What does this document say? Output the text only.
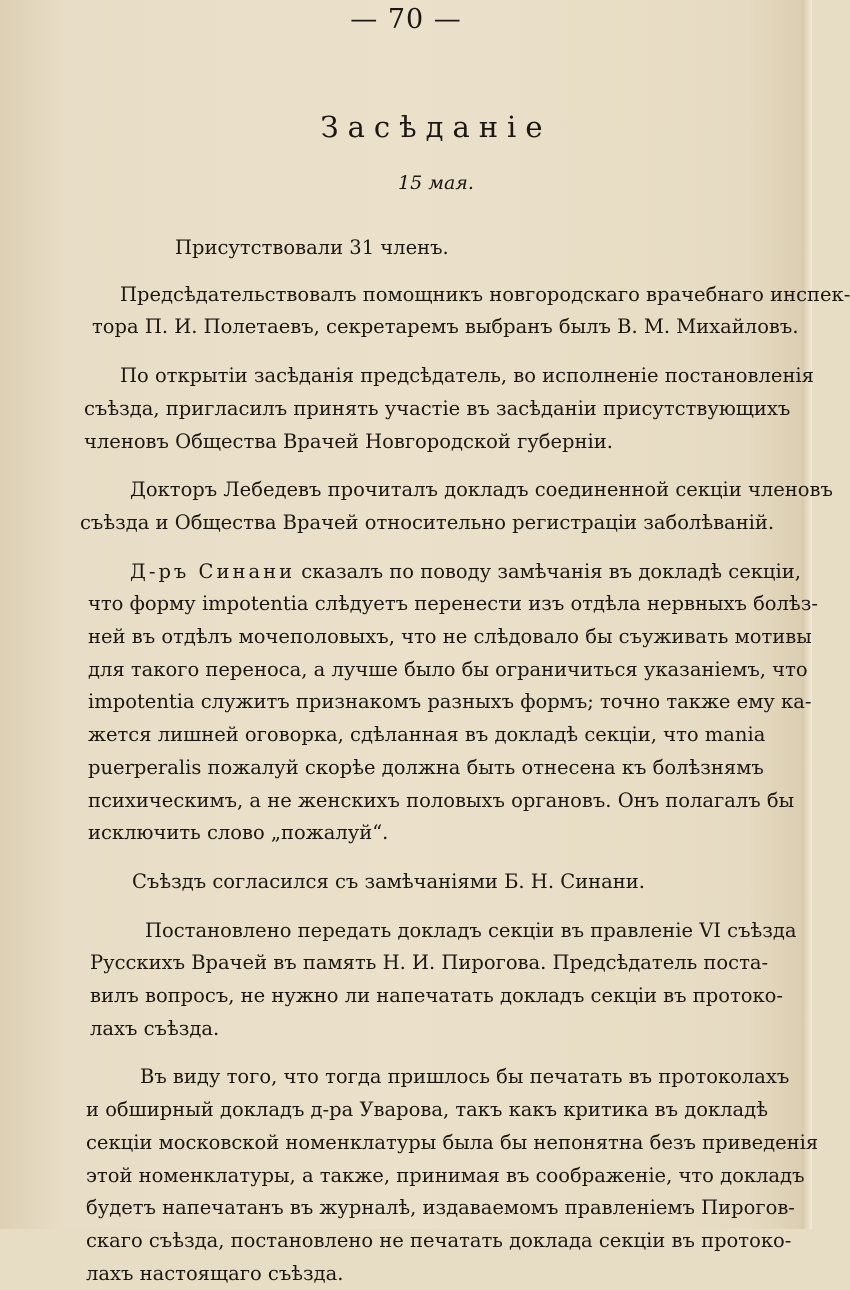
— 70 —
Засѣданіе
15 мая.

Присутствовали 31 членъ.

Предсѣдательствовалъ помощникъ новгородскаго врачебнаго инспек-
тора П. И. Полетаевъ, секретаремъ выбранъ былъ В. М. Михайловъ.

По открытіи засѣданія предсѣдатель, во исполненіе постановленія
съѣзда, пригласилъ принять участіе въ засѣданіи присутствующихъ
членовъ Общества Врачей Новгородской губерніи.

Докторъ Лебедевъ прочиталъ докладъ соединенной секціи членовъ
съѣзда и Общества Врачей относительно регистраціи заболѣваній.

Д-ръ Синани сказалъ по поводу замѣчанія въ докладѣ секціи,
что форму impotentia слѣдуетъ перенести изъ отдѣла нервныхъ болѣз-
ней въ отдѣлъ мочеполовыхъ, что не слѣдовало бы съуживать мотивы
для такого переноса, а лучше было бы ограничиться указаніемъ, что
impotentia служитъ признакомъ разныхъ формъ; точно также ему ка-
жется лишней оговорка, сдѣланная въ докладѣ секціи, что mania
puerperalis пожалуй скорѣе должна быть отнесена къ болѣзнямъ
психическимъ, а не женскихъ половыхъ органовъ. Онъ полагалъ бы
исключить слово „пожалуй“.

Съѣздъ согласился съ замѣчаніями Б. Н. Синани.

Постановлено передать докладъ секціи въ правленіе VI съѣзда
Русскихъ Врачей въ память Н. И. Пирогова. Предсѣдатель поста-
вилъ вопросъ, не нужно ли напечатать докладъ секціи въ протоко-
лахъ съѣзда.

Въ виду того, что тогда пришлось бы печатать въ протоколахъ
и обширный докладъ д-ра Уварова, такъ какъ критика въ докладѣ
секціи московской номенклатуры была бы непонятна безъ приведенія
этой номенклатуры, а также, принимая въ соображеніе, что докладъ
будетъ напечатанъ въ журналѣ, издаваемомъ правленіемъ Пирогов-
скаго съѣзда, постановлено не печатать доклада секціи въ протоко-
лахъ настоящаго съѣзда.
